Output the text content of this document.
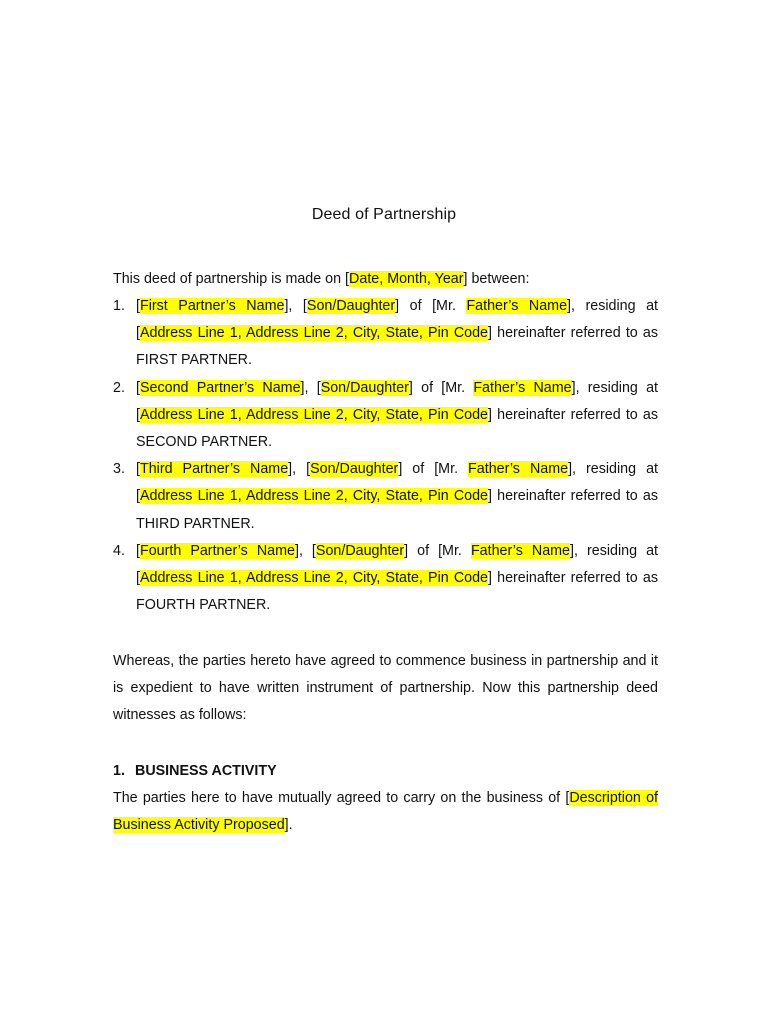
Deed of Partnership
This deed of partnership is made on [Date, Month, Year] between:
1. [First Partner’s Name], [Son/Daughter] of [Mr. Father’s Name], residing at [Address Line 1, Address Line 2, City, State, Pin Code] hereinafter referred to as FIRST PARTNER.
2. [Second Partner’s Name], [Son/Daughter] of [Mr. Father’s Name], residing at [Address Line 1, Address Line 2, City, State, Pin Code] hereinafter referred to as SECOND PARTNER.
3. [Third Partner’s Name], [Son/Daughter] of [Mr. Father’s Name], residing at [Address Line 1, Address Line 2, City, State, Pin Code] hereinafter referred to as THIRD PARTNER.
4. [Fourth Partner’s Name], [Son/Daughter] of [Mr. Father’s Name], residing at [Address Line 1, Address Line 2, City, State, Pin Code] hereinafter referred to as FOURTH PARTNER.
Whereas, the parties hereto have agreed to commence business in partnership and it is expedient to have written instrument of partnership. Now this partnership deed witnesses as follows:
1. BUSINESS ACTIVITY
The parties here to have mutually agreed to carry on the business of [Description of Business Activity Proposed].
